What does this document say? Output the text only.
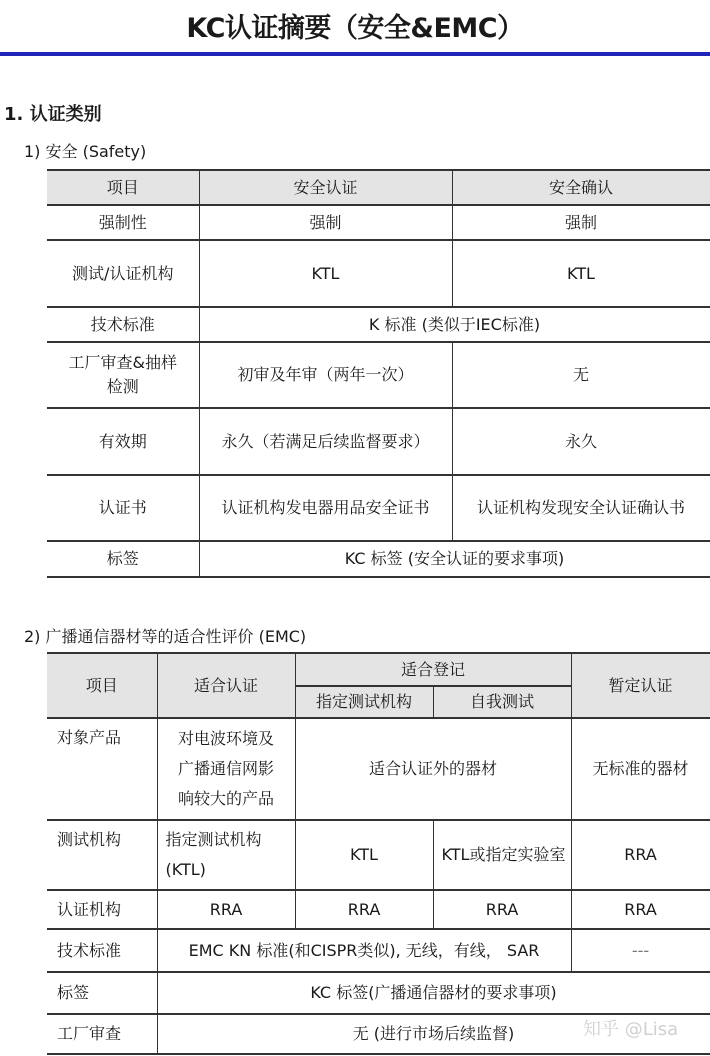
KC认证摘要（安全&EMC）
1. 认证类别
1) 安全 (Safety)
项目	安全认证	安全确认
强制性	强制	强制
测试/认证机构	KTL	KTL
技术标准	K 标准 (类似于IEC标准)	
工厂审查&抽样检测	初审及年审（两年一次）	无
有效期	永久（若满足后续监督要求）	永久
认证书	认证机构发电器用品安全证书	认证机构发现安全认证确认书
标签	KC 标签 (安全认证的要求事项)	
2) 广播通信器材等的适合性评价 (EMC)
项目	适合认证	适合登记		暂定认证
		指定测试机构	自我测试	
对象产品	对电波环境及广播通信网影响较大的产品	适合认证外的器材		无标准的器材
测试机构	指定测试机构(KTL)	KTL	KTL或指定实验室	RRA
认证机构	RRA	RRA	RRA	RRA
技术标准	EMC KN 标准(和CISPR类似), 无线，有线， SAR			---
标签	KC 标签(广播通信器材的要求事项)			
工厂审查	无 (进行市场后续监督)				知乎 @Lisa
